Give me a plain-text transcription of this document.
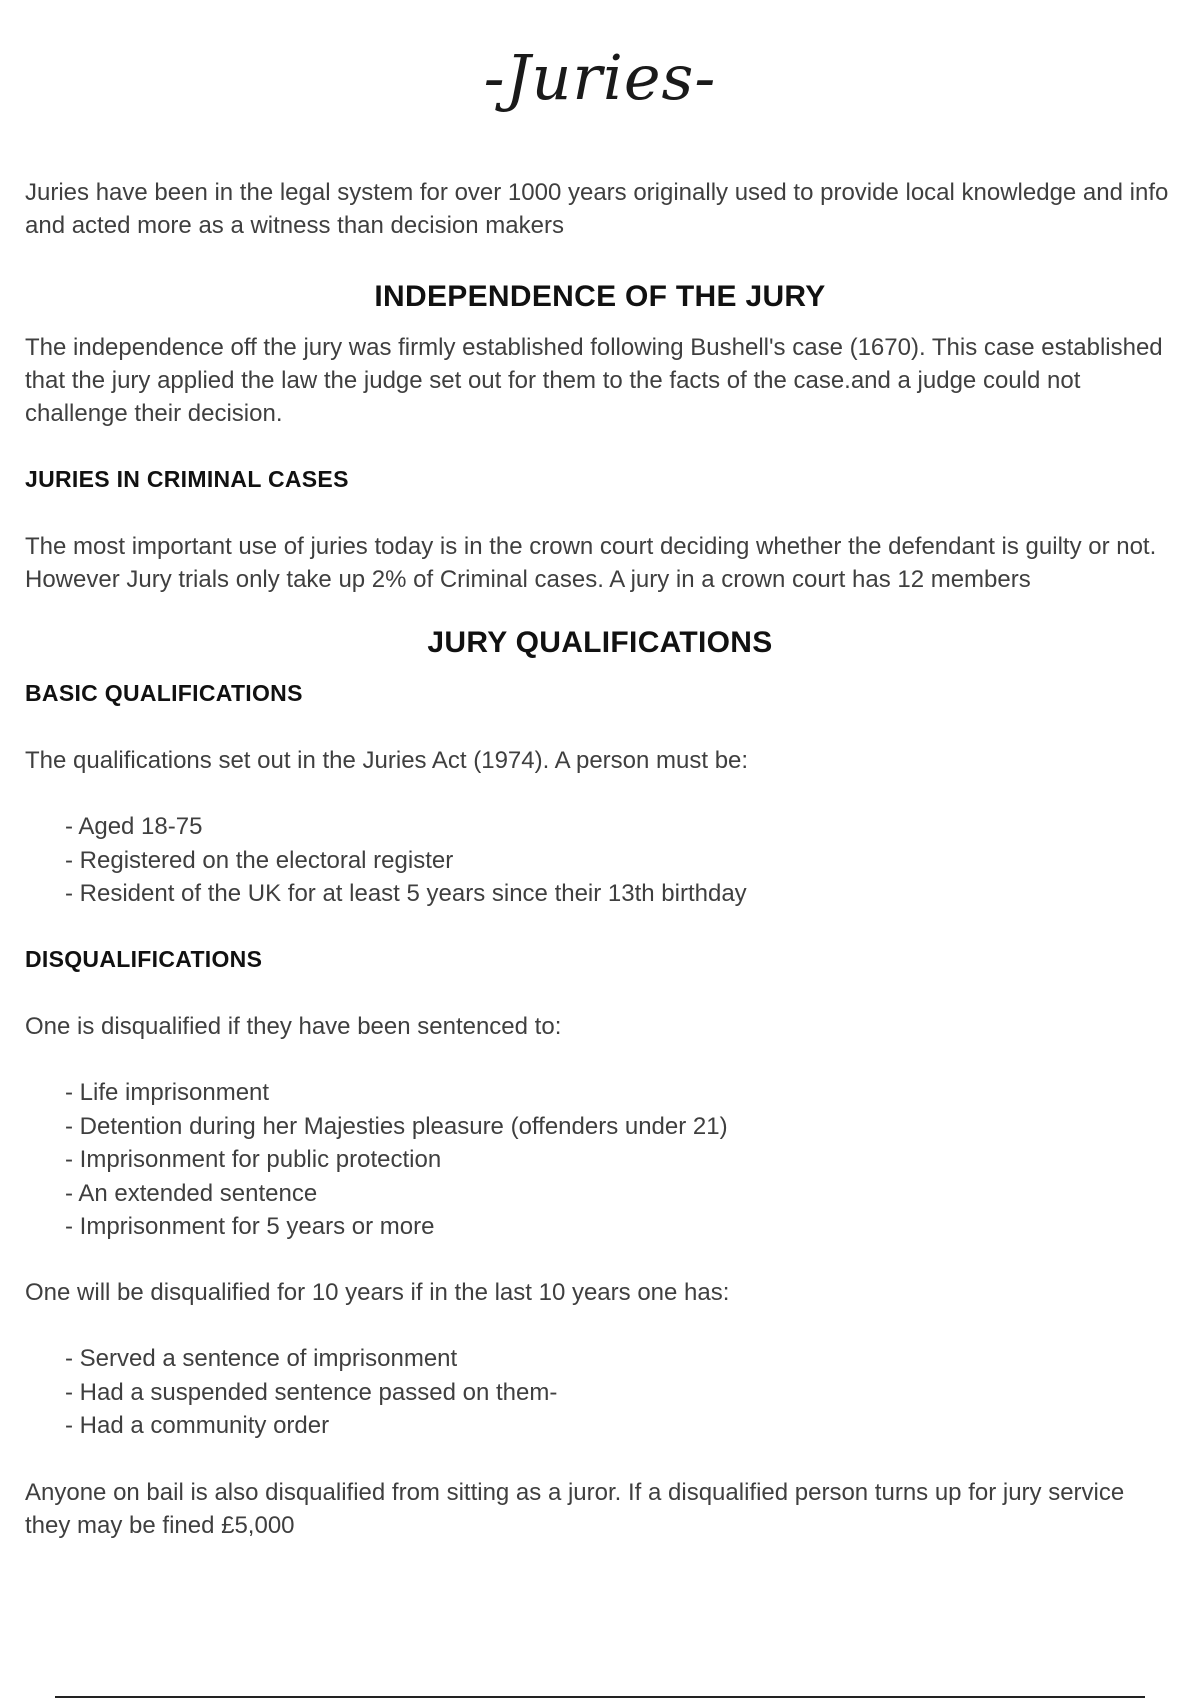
-Juries-

Juries have been in the legal system for over 1000 years originally used to provide local knowledge and info and acted more as a witness than decision makers

INDEPENDENCE OF THE JURY

The independence off the jury was firmly established following Bushell's case (1670). This case established that the jury applied the law the judge set out for them to the facts of the case.and a judge could not challenge their decision.

JURIES IN CRIMINAL CASES

The most important use of juries today is in the crown court deciding whether the defendant is guilty or not. However Jury trials only take up 2% of Criminal cases. A jury in a crown court has 12 members

JURY QUALIFICATIONS
BASIC QUALIFICATIONS

The qualifications set out in the Juries Act (1974). A person must be:

- Aged 18-75
- Registered on the electoral register
- Resident of the UK for at least 5 years since their 13th birthday
DISQUALIFICATIONS

One is disqualified if they have been sentenced to:

- Life imprisonment
- Detention during her Majesties pleasure (offenders under 21)
- Imprisonment for public protection
- An extended sentence
- Imprisonment for 5 years or more

One will be disqualified for 10 years if in the last 10 years one has:

- Served a sentence of imprisonment
- Had a suspended sentence passed on them-
- Had a community order

Anyone on bail is also disqualified from sitting as a juror. If a disqualified person turns up for jury service they may be fined £5,000
